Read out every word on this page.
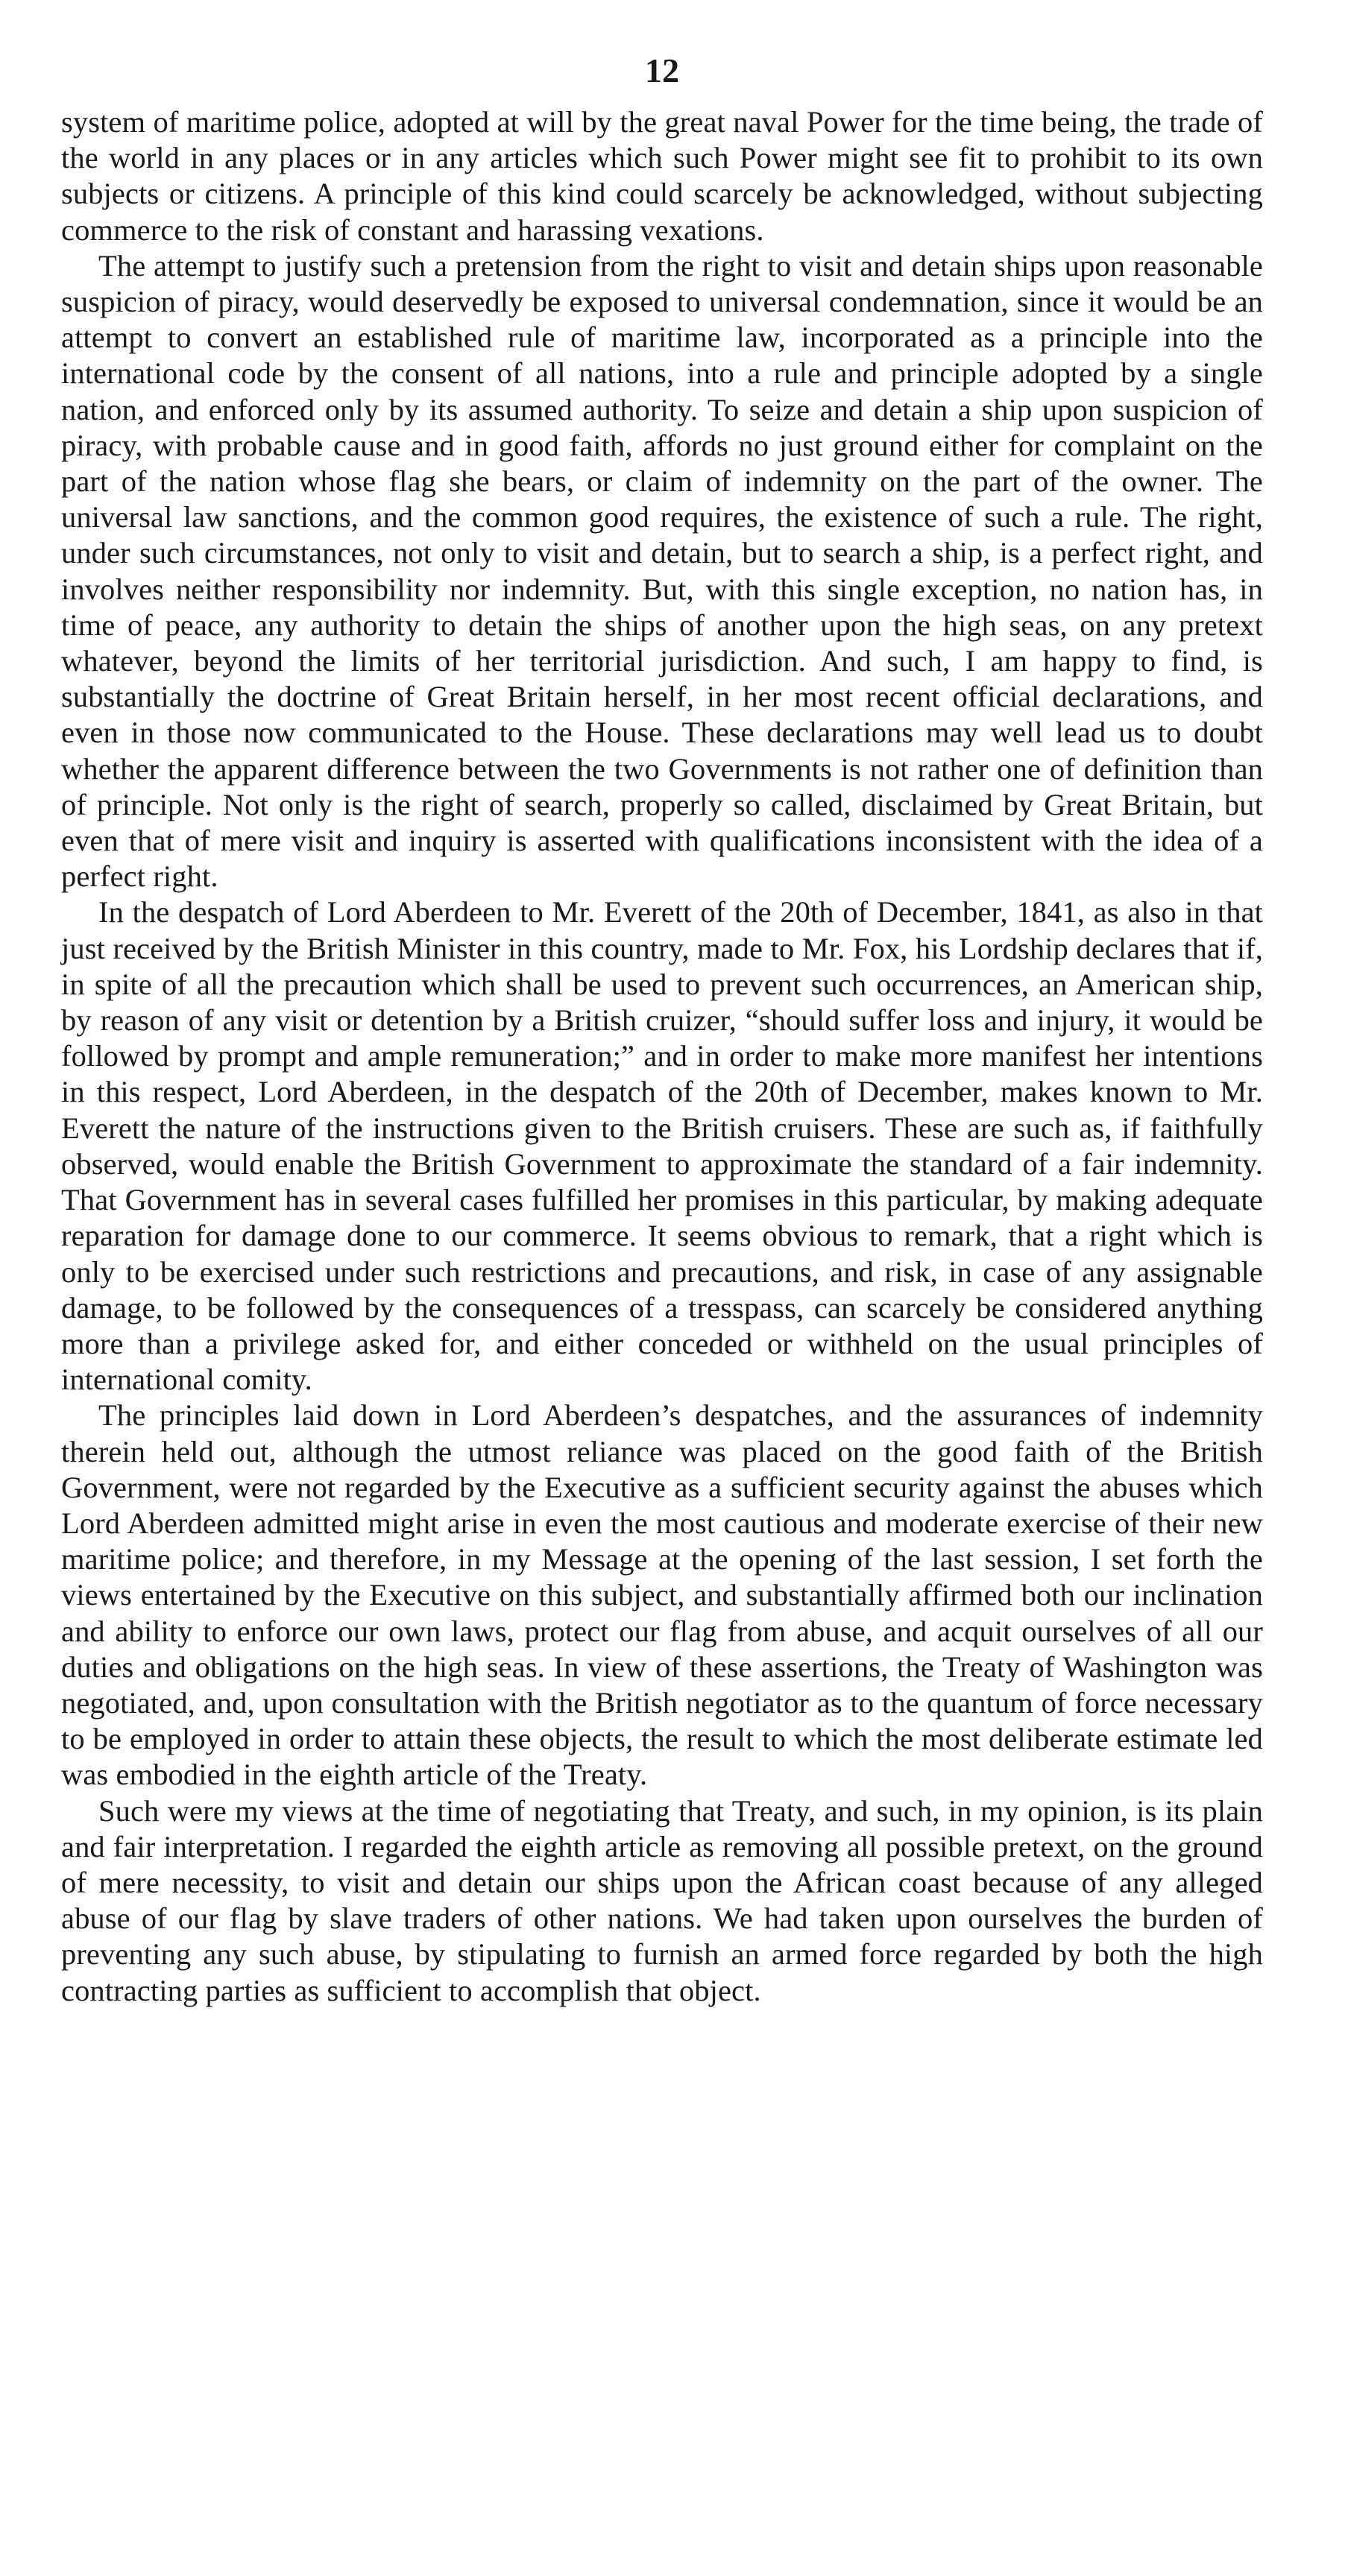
12

system of maritime police, adopted at will by the great naval Power for the time being, the trade of the world in any places or in any articles which such Power might see fit to prohibit to its own subjects or citizens. A principle of this kind could scarcely be acknowledged, without subjecting commerce to the risk of constant and harassing vexations.

The attempt to justify such a pretension from the right to visit and detain ships upon reasonable suspicion of piracy, would deservedly be exposed to universal condemnation, since it would be an attempt to convert an established rule of maritime law, incorporated as a principle into the international code by the consent of all nations, into a rule and principle adopted by a single nation, and enforced only by its assumed authority. To seize and detain a ship upon suspicion of piracy, with probable cause and in good faith, affords no just ground either for complaint on the part of the nation whose flag she bears, or claim of indemnity on the part of the owner. The universal law sanctions, and the common good requires, the existence of such a rule. The right, under such circumstances, not only to visit and detain, but to search a ship, is a perfect right, and involves neither responsibility nor indemnity. But, with this single exception, no nation has, in time of peace, any authority to detain the ships of another upon the high seas, on any pretext whatever, beyond the limits of her territorial jurisdiction. And such, I am happy to find, is substantially the doctrine of Great Britain herself, in her most recent official declarations, and even in those now communicated to the House. These declarations may well lead us to doubt whether the apparent difference between the two Governments is not rather one of definition than of principle. Not only is the right of search, properly so called, disclaimed by Great Britain, but even that of mere visit and inquiry is asserted with qualifications inconsistent with the idea of a perfect right.

In the despatch of Lord Aberdeen to Mr. Everett of the 20th of December, 1841, as also in that just received by the British Minister in this country, made to Mr. Fox, his Lordship declares that if, in spite of all the precaution which shall be used to prevent such occurrences, an American ship, by reason of any visit or detention by a British cruizer, “should suffer loss and injury, it would be followed by prompt and ample remuneration;” and in order to make more manifest her intentions in this respect, Lord Aberdeen, in the despatch of the 20th of December, makes known to Mr. Everett the nature of the instructions given to the British cruisers. These are such as, if faithfully observed, would enable the British Government to approximate the standard of a fair indemnity. That Government has in several cases fulfilled her promises in this particular, by making adequate reparation for damage done to our commerce. It seems obvious to remark, that a right which is only to be exercised under such restrictions and precautions, and risk, in case of any assignable damage, to be followed by the consequences of a tresspass, can scarcely be considered anything more than a privilege asked for, and either conceded or withheld on the usual principles of international comity.

The principles laid down in Lord Aberdeen’s despatches, and the assurances of indemnity therein held out, although the utmost reliance was placed on the good faith of the British Government, were not regarded by the Executive as a sufficient security against the abuses which Lord Aberdeen admitted might arise in even the most cautious and moderate exercise of their new maritime police; and therefore, in my Message at the opening of the last session, I set forth the views entertained by the Executive on this subject, and substantially affirmed both our inclination and ability to enforce our own laws, protect our flag from abuse, and acquit ourselves of all our duties and obligations on the high seas. In view of these assertions, the Treaty of Washington was negotiated, and, upon consultation with the British negotiator as to the quantum of force necessary to be employed in order to attain these objects, the result to which the most deliberate estimate led was embodied in the eighth article of the Treaty.

Such were my views at the time of negotiating that Treaty, and such, in my opinion, is its plain and fair interpretation. I regarded the eighth article as removing all possible pretext, on the ground of mere necessity, to visit and detain our ships upon the African coast because of any alleged abuse of our flag by slave traders of other nations. We had taken upon ourselves the burden of preventing any such abuse, by stipulating to furnish an armed force regarded by both the high contracting parties as sufficient to accomplish that object.
